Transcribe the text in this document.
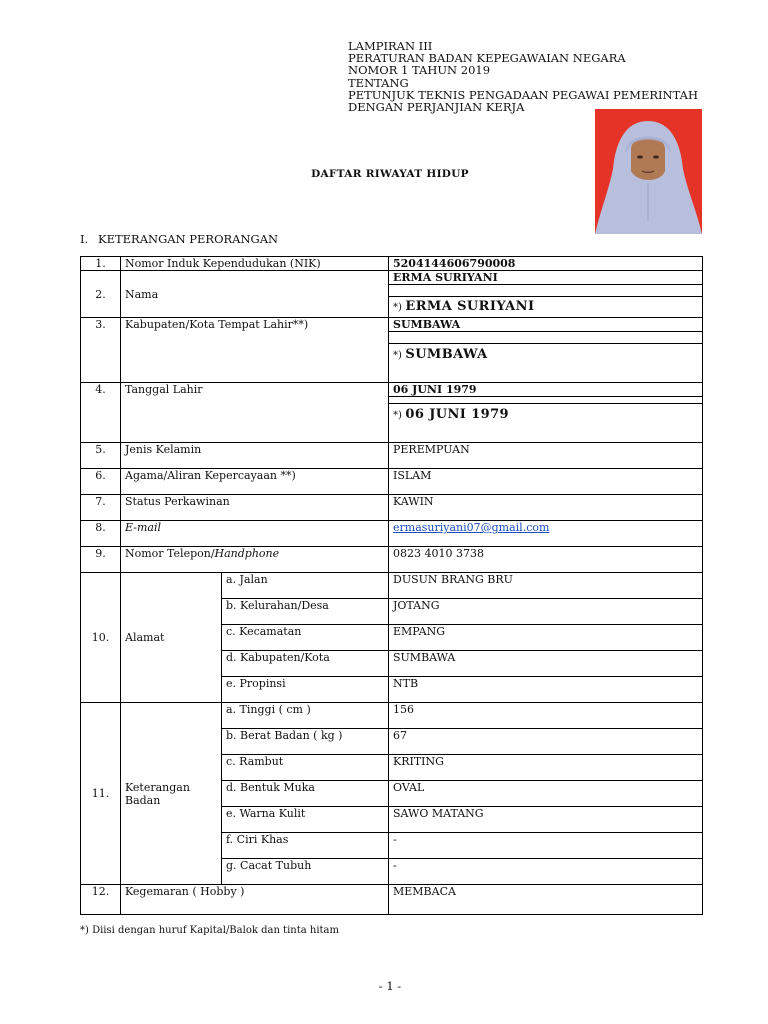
LAMPIRAN III
PERATURAN BADAN KEPEGAWAIAN NEGARA
NOMOR 1 TAHUN 2019
TENTANG
PETUNJUK TEKNIS PENGADAAN PEGAWAI PEMERINTAH
DENGAN PERJANJIAN KERJA
DAFTAR RIWAYAT HIDUP
I. KETERANGAN PERORANGAN
1.	Nomor Induk Kependudukan (NIK)		5204144606790008
2.	Nama		ERMA SURIYANI

			*) ERMA SURIYANI
3.	Kabupaten/Kota Tempat Lahir**)		SUMBAWA

			*) SUMBAWA
4.	Tanggal Lahir		06 JUNI 1979

			*) 06 JUNI 1979
5.	Jenis Kelamin		PEREMPUAN
6.	Agama/Aliran Kepercayaan **)		ISLAM
7.	Status Perkawinan		KAWIN
8.	E-mail		ermasuriyani07@gmail.com
9.	Nomor Telepon/Handphone		0823 4010 3738
10.	Alamat	a. Jalan	DUSUN BRANG BRU
		b. Kelurahan/Desa	JOTANG
		c. Kecamatan	EMPANG
		d. Kabupaten/Kota	SUMBAWA
		e. Propinsi	NTB
11.	Keterangan Badan	a. Tinggi ( cm )	156
		b. Berat Badan ( kg )	67
		c. Rambut	KRITING
		d. Bentuk Muka	OVAL
		e. Warna Kulit	SAWO MATANG
		f. Ciri Khas	-
		g. Cacat Tubuh	-
12.	Kegemaran ( Hobby )		MEMBACA
*) Diisi dengan huruf Kapital/Balok dan tinta hitam
- 1 -
